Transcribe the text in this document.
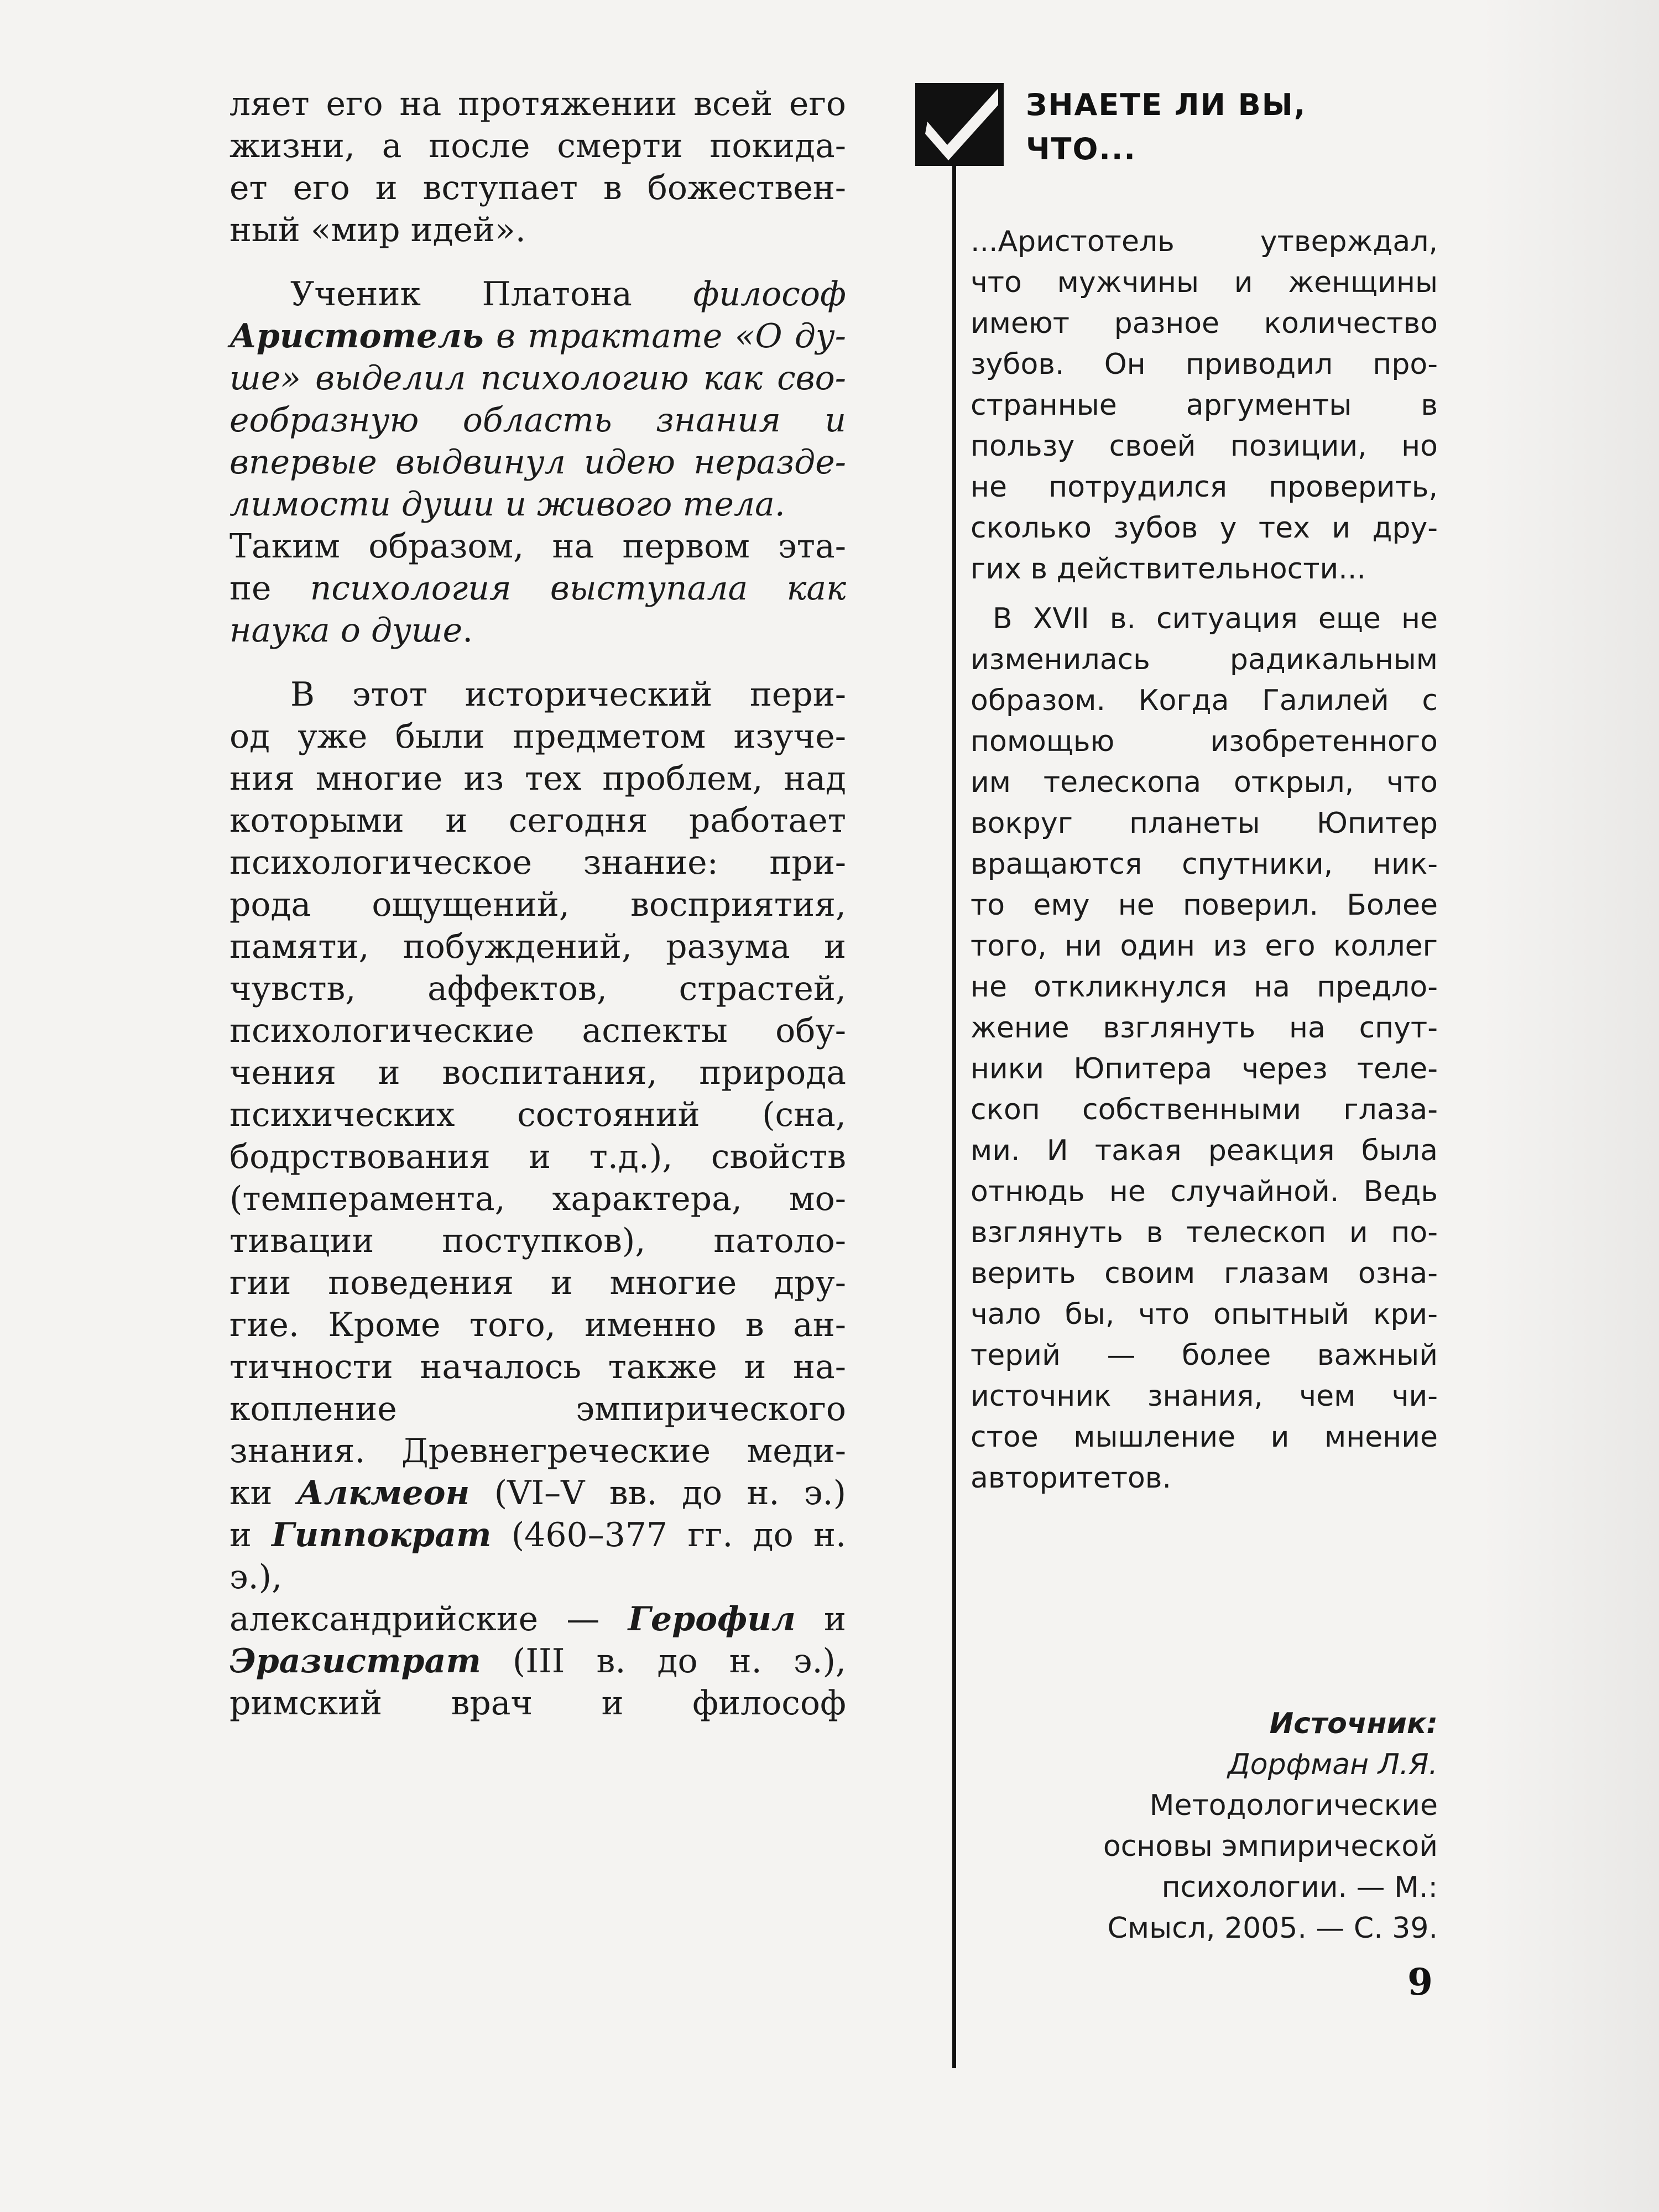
ляет его на протяжении всей его
жизни, а после смерти покида-
ет его и вступает в божествен-
ный «мир идей».

Ученик Платона философ
Аристотель в трактате «О ду-
ше» выделил психологию как сво-
еобразную область знания и
впервые выдвинул идею неразде-
лимости души и живого тела.
Таким образом, на первом эта-
пе психология выступала как
наука о душе.

В этот исторический пери-
од уже были предметом изуче-
ния многие из тех проблем, над
которыми и сегодня работает
психологическое знание: при-
рода ощущений, восприятия,
памяти, побуждений, разума и
чувств, аффектов, страстей,
психологические аспекты обу-
чения и воспитания, природа
психических состояний (сна,
бодрствования и т.д.), свойств
(темперамента, характера, мо-
тивации поступков), патоло-
гии поведения и многие дру-
гие. Кроме того, именно в ан-
тичности началось также и на-
копление эмпирического
знания. Древнегреческие меди-
ки Алкмеон (VI–V вв. до н. э.)
и Гиппократ (460–377 гг. до н. э.),
александрийские — Герофил и
Эразистрат (III в. до н. э.),
римский врач и философ

ЗНАЕТЕ ЛИ ВЫ,
ЧТО...

...Аристотель утверждал,
что мужчины и женщины
имеют разное количество
зубов. Он приводил про-
странные аргументы в
пользу своей позиции, но
не потрудился проверить,
сколько зубов у тех и дру-
гих в действительности...

В XVII в. ситуация еще не
изменилась радикальным
образом. Когда Галилей с
помощью изобретенного
им телескопа открыл, что
вокруг планеты Юпитер
вращаются спутники, ник-
то ему не поверил. Более
того, ни один из его коллег
не откликнулся на предло-
жение взглянуть на спут-
ники Юпитера через теле-
скоп собственными глаза-
ми. И такая реакция была
отнюдь не случайной. Ведь
взглянуть в телескоп и по-
верить своим глазам озна-
чало бы, что опытный кри-
терий — более важный
источник знания, чем чи-
стое мышление и мнение
авторитетов.

Источник:
Дорфман Л.Я.
Методологические
основы эмпирической
психологии. — М.:
Смысл, 2005. — С. 39.
9
